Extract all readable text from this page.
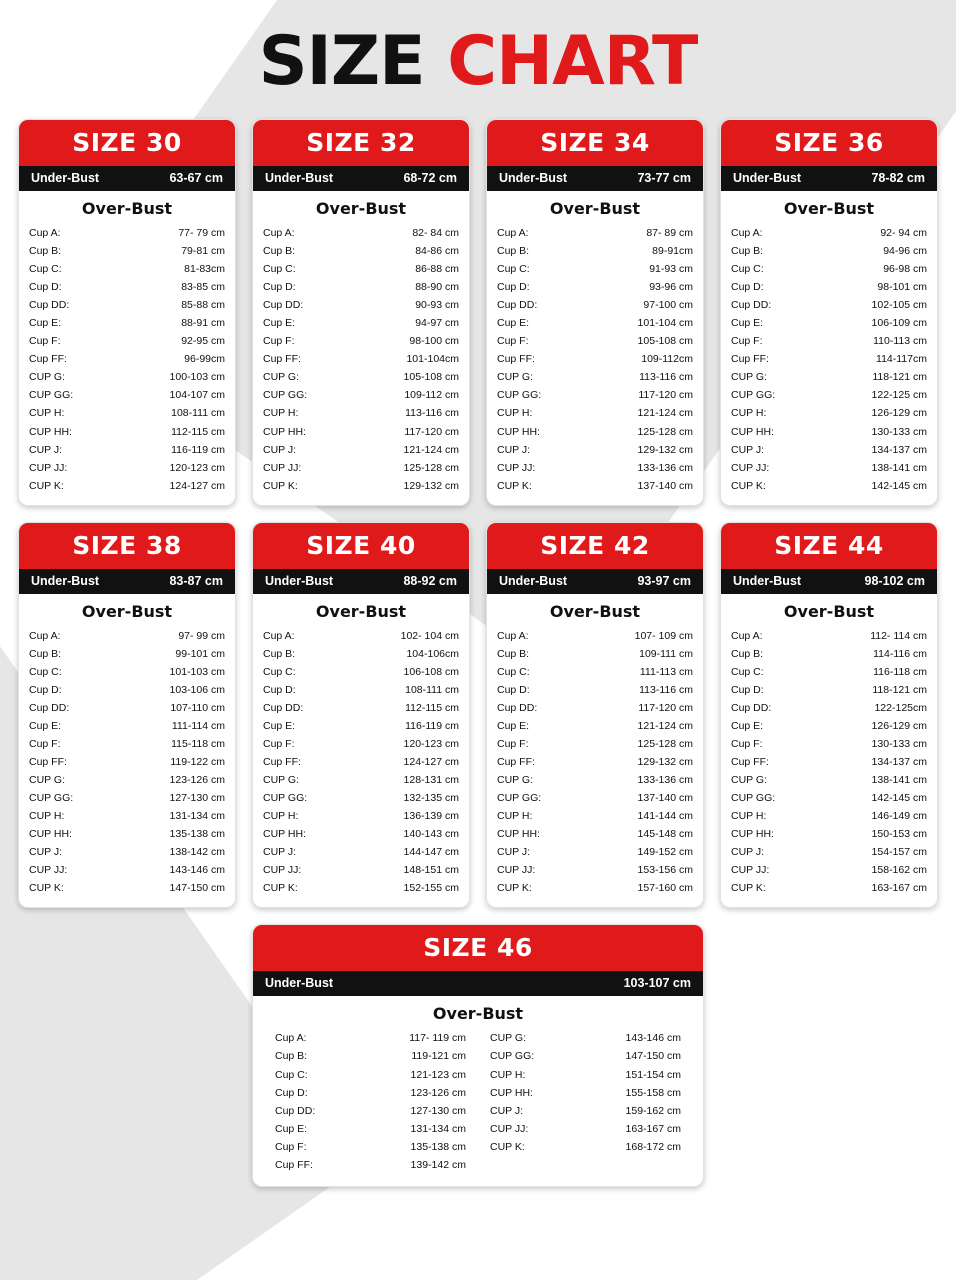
SIZE CHART
SIZE 30
Under-Bust	63-67 cm
Over-Bust
Cup A:	77- 79 cm
Cup B:	79-81 cm
Cup C:	81-83cm
Cup D:	83-85 cm
Cup DD:	85-88 cm
Cup E:	88-91 cm
Cup F:	92-95 cm
Cup FF:	96-99cm
CUP G:	100-103 cm
CUP GG:	104-107 cm
CUP H:	108-111 cm
CUP HH:	112-115 cm
CUP J:	116-119 cm
CUP JJ:	120-123 cm
CUP K:	124-127 cm
SIZE 32
Under-Bust	68-72 cm
Over-Bust
Cup A:	82- 84 cm
Cup B:	84-86 cm
Cup C:	86-88 cm
Cup D:	88-90 cm
Cup DD:	90-93 cm
Cup E:	94-97 cm
Cup F:	98-100 cm
Cup FF:	101-104cm
CUP G:	105-108 cm
CUP GG:	109-112 cm
CUP H:	113-116 cm
CUP HH:	117-120 cm
CUP J:	121-124 cm
CUP JJ:	125-128 cm
CUP K:	129-132 cm
SIZE 34
Under-Bust	73-77 cm
Over-Bust
Cup A:	87- 89 cm
Cup B:	89-91cm
Cup C:	91-93 cm
Cup D:	93-96 cm
Cup DD:	97-100 cm
Cup E:	101-104 cm
Cup F:	105-108 cm
Cup FF:	109-112cm
CUP G:	113-116 cm
CUP GG:	117-120 cm
CUP H:	121-124 cm
CUP HH:	125-128 cm
CUP J:	129-132 cm
CUP JJ:	133-136 cm
CUP K:	137-140 cm
SIZE 36
Under-Bust	78-82 cm
Over-Bust
Cup A:	92- 94 cm
Cup B:	94-96 cm
Cup C:	96-98 cm
Cup D:	98-101 cm
Cup DD:	102-105 cm
Cup E:	106-109 cm
Cup F:	110-113 cm
Cup FF:	114-117cm
CUP G:	118-121 cm
CUP GG:	122-125 cm
CUP H:	126-129 cm
CUP HH:	130-133 cm
CUP J:	134-137 cm
CUP JJ:	138-141 cm
CUP K:	142-145 cm
SIZE 38
Under-Bust	83-87 cm
Over-Bust
Cup A:	97- 99 cm
Cup B:	99-101 cm
Cup C:	101-103 cm
Cup D:	103-106 cm
Cup DD:	107-110 cm
Cup E:	111-114 cm
Cup F:	115-118 cm
Cup FF:	119-122 cm
CUP G:	123-126 cm
CUP GG:	127-130 cm
CUP H:	131-134 cm
CUP HH:	135-138 cm
CUP J:	138-142 cm
CUP JJ:	143-146 cm
CUP K:	147-150 cm
SIZE 40
Under-Bust	88-92 cm
Over-Bust
Cup A:	102- 104 cm
Cup B:	104-106cm
Cup C:	106-108 cm
Cup D:	108-111 cm
Cup DD:	112-115 cm
Cup E:	116-119 cm
Cup F:	120-123 cm
Cup FF:	124-127 cm
CUP G:	128-131 cm
CUP GG:	132-135 cm
CUP H:	136-139 cm
CUP HH:	140-143 cm
CUP J:	144-147 cm
CUP JJ:	148-151 cm
CUP K:	152-155 cm
SIZE 42
Under-Bust	93-97 cm
Over-Bust
Cup A:	107- 109 cm
Cup B:	109-111 cm
Cup C:	111-113 cm
Cup D:	113-116 cm
Cup DD:	117-120 cm
Cup E:	121-124 cm
Cup F:	125-128 cm
Cup FF:	129-132 cm
CUP G:	133-136 cm
CUP GG:	137-140 cm
CUP H:	141-144 cm
CUP HH:	145-148 cm
CUP J:	149-152 cm
CUP JJ:	153-156 cm
CUP K:	157-160 cm
SIZE 44
Under-Bust	98-102 cm
Over-Bust
Cup A:	112- 114 cm
Cup B:	114-116 cm
Cup C:	116-118 cm
Cup D:	118-121 cm
Cup DD:	122-125cm
Cup E:	126-129 cm
Cup F:	130-133 cm
Cup FF:	134-137 cm
CUP G:	138-141 cm
CUP GG:	142-145 cm
CUP H:	146-149 cm
CUP HH:	150-153 cm
CUP J:	154-157 cm
CUP JJ:	158-162 cm
CUP K:	163-167 cm
SIZE 46
Under-Bust	103-107 cm
Over-Bust
Cup A:	117- 119 cm
Cup B:	119-121 cm
Cup C:	121-123 cm
Cup D:	123-126 cm
Cup DD:	127-130 cm
Cup E:	131-134 cm
Cup F:	135-138 cm
Cup FF:	139-142 cm
CUP G:	143-146 cm
CUP GG:	147-150 cm
CUP H:	151-154 cm
CUP HH:	155-158 cm
CUP J:	159-162 cm
CUP JJ:	163-167 cm
CUP K:	168-172 cm
